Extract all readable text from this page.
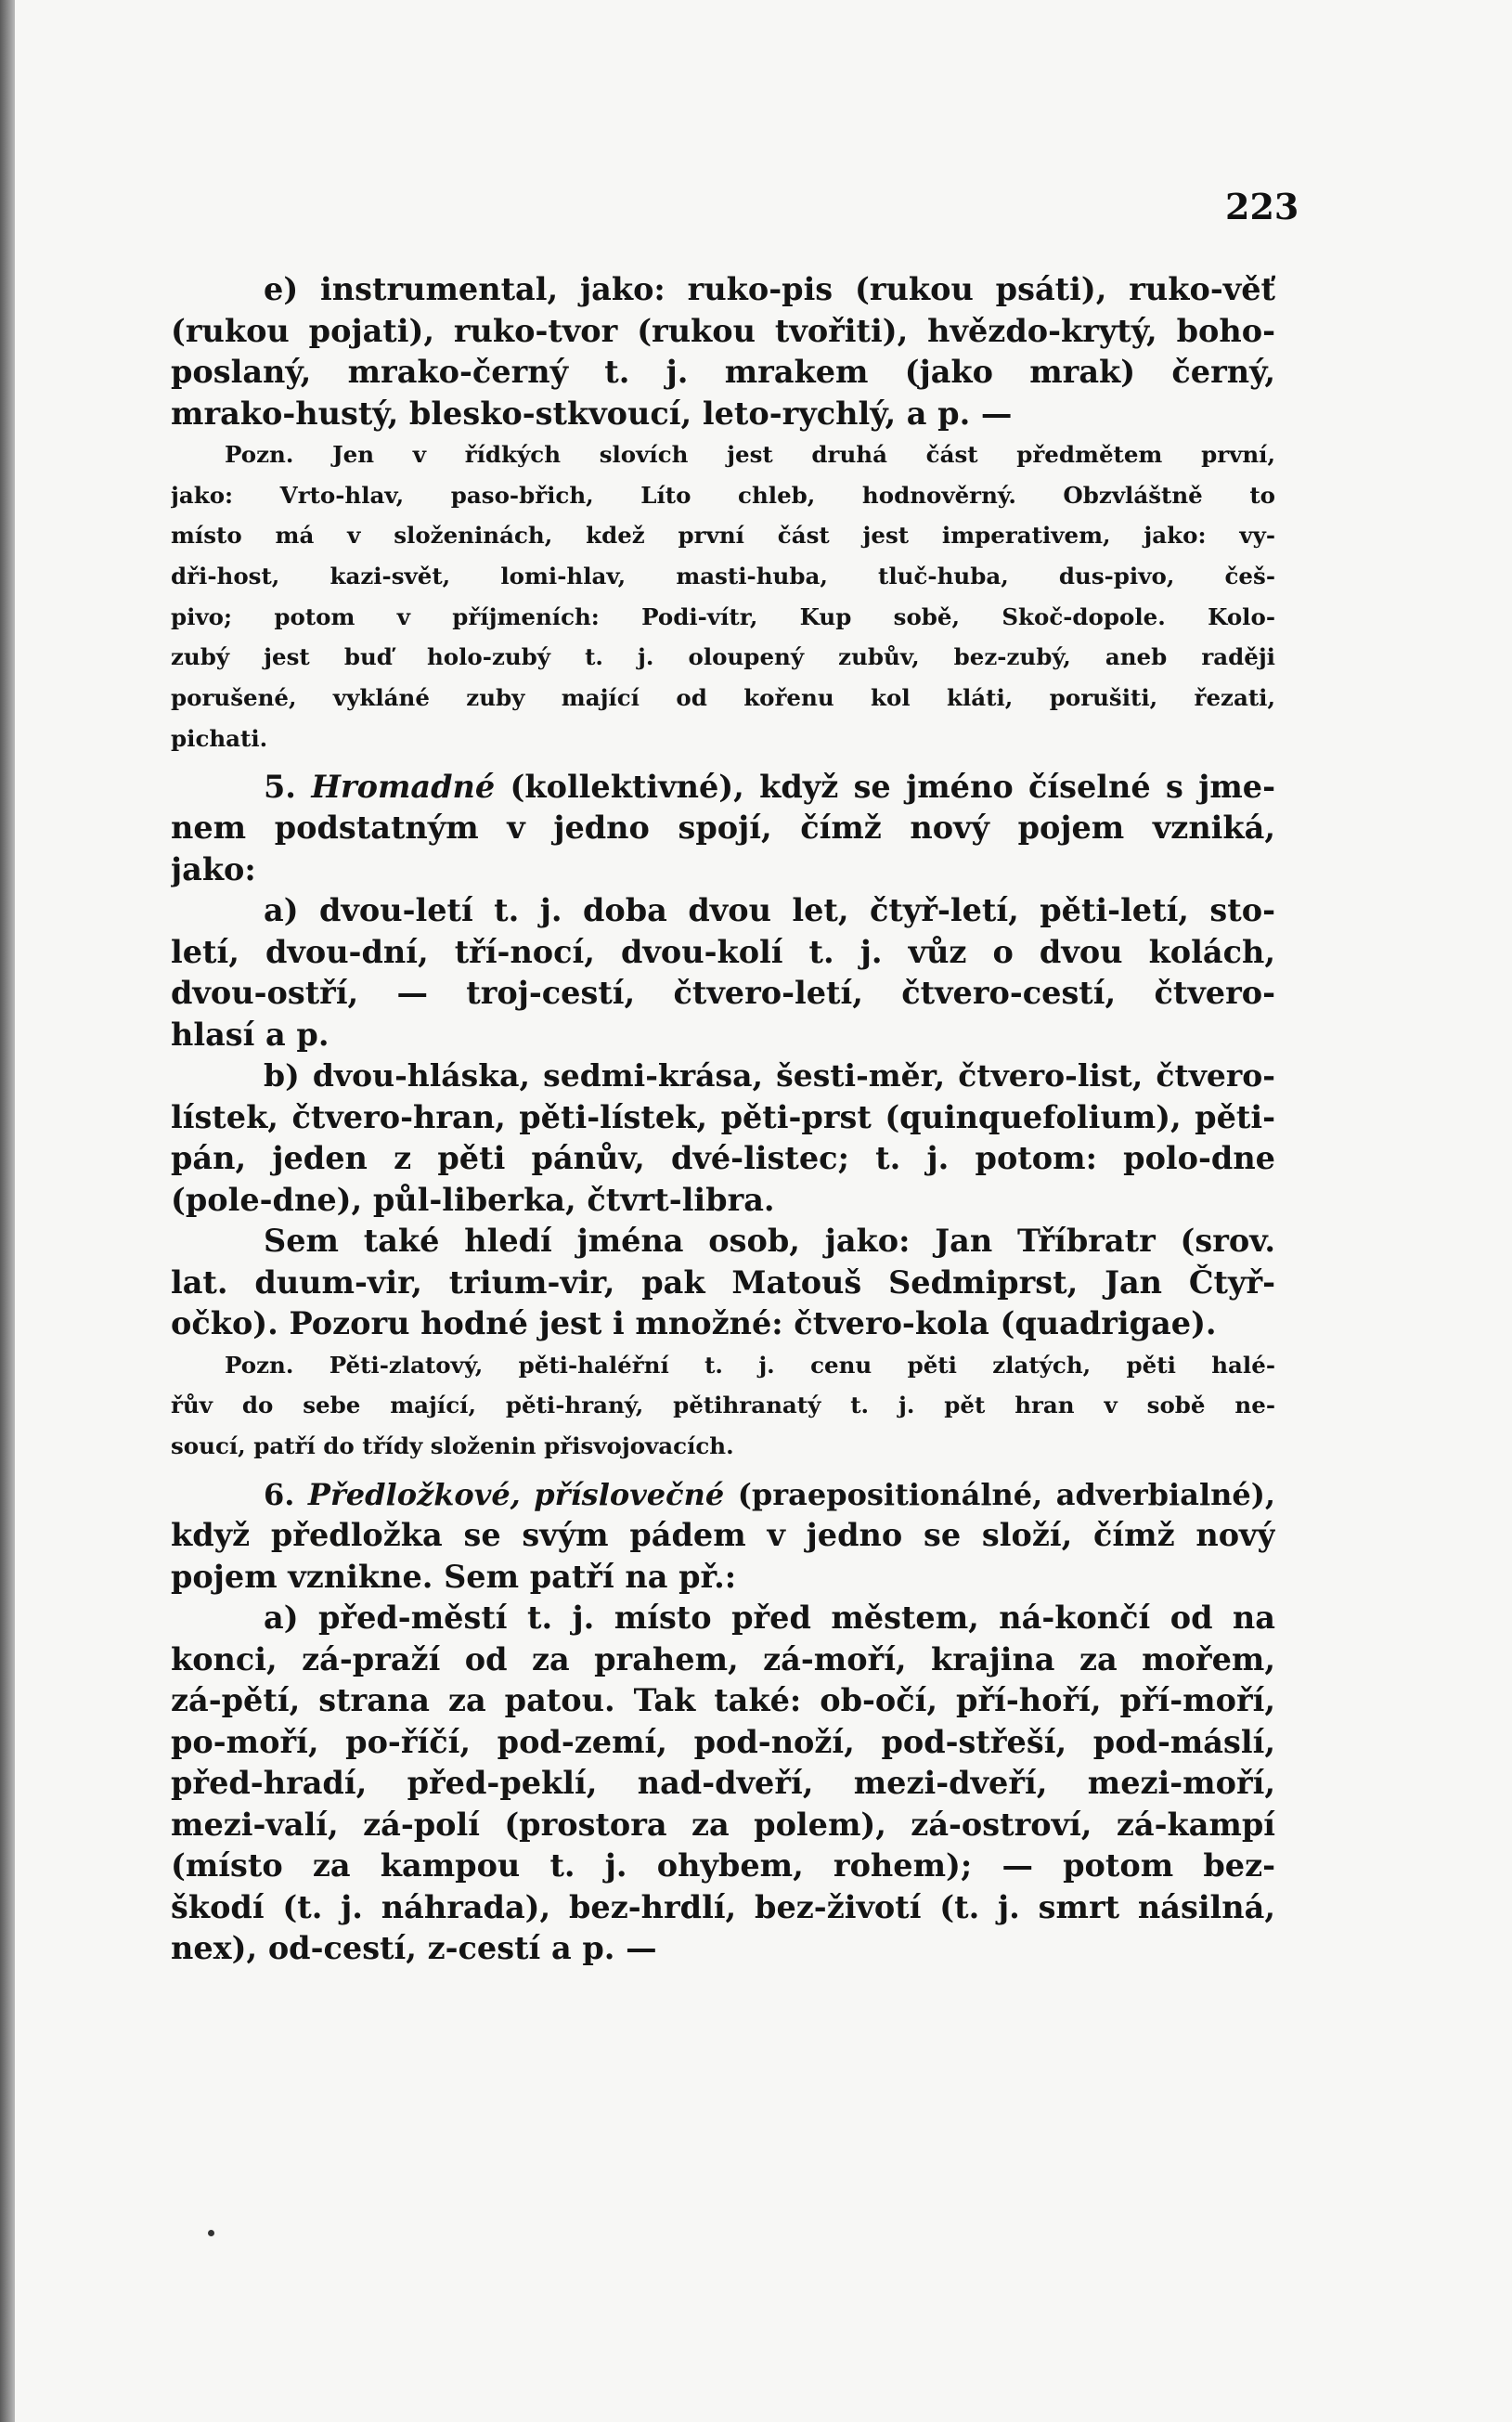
223
e) instrumental, jako: ruko-pis (rukou psáti), ruko-věť
(rukou pojati), ruko-tvor (rukou tvořiti), hvězdo-krytý, boho-
poslaný, mrako-černý t. j. mrakem (jako mrak) černý,
mrako-hustý, blesko-stkvoucí, leto-rychlý, a p. —
Pozn. Jen v řídkých slovích jest druhá část předmětem první,
jako: Vrto-hlav, paso-břich, Líto chleb, hodnověrný. Obzvláštně to
místo má v složeninách, kdež první část jest imperativem, jako: vy-
dři-host, kazi-svět, lomi-hlav, masti-huba, tluč-huba, dus-pivo, češ-
pivo; potom v příjmeních: Podi-vítr, Kup sobě, Skoč-dopole. Kolo-
zubý jest buď holo-zubý t. j. oloupený zubův, bez-zubý, aneb raději
porušené, vykláné zuby mající od kořenu kol kláti, porušiti, řezati,
pichati.
5. Hromadné (kollektivné), když se jméno číselné s jme-
nem podstatným v jedno spojí, čímž nový pojem vzniká,
jako:
a) dvou-letí t. j. doba dvou let, čtyř-letí, pěti-letí, sto-
letí, dvou-dní, tří-nocí, dvou-kolí t. j. vůz o dvou kolách,
dvou-ostří, — troj-cestí, čtvero-letí, čtvero-cestí, čtvero-
hlasí a p.
b) dvou-hláska, sedmi-krása, šesti-měr, čtvero-list, čtvero-
lístek, čtvero-hran, pěti-lístek, pěti-prst (quinquefolium), pěti-
pán, jeden z pěti pánův, dvé-listec; t. j. potom: polo-dne
(pole-dne), půl-liberka, čtvrt-libra.
Sem také hledí jména osob, jako: Jan Tříbratr (srov.
lat. duum-vir, trium-vir, pak Matouš Sedmiprst, Jan Čtyř-
očko). Pozoru hodné jest i množné: čtvero-kola (quadrigae).
Pozn. Pěti-zlatový, pěti-haléřní t. j. cenu pěti zlatých, pěti halé-
řův do sebe mající, pěti-hraný, pětihranatý t. j. pět hran v sobě ne-
soucí, patří do třídy složenin přisvojovacích.
6. Předložkové, příslovečné (praepositionálné, adverbialné),
když předložka se svým pádem v jedno se složí, čímž nový
pojem vznikne. Sem patří na př.:
a) před-městí t. j. místo před městem, ná-končí od na
konci, zá-praží od za prahem, zá-moří, krajina za mořem,
zá-pětí, strana za patou. Tak také: ob-očí, pří-hoří, pří-moří,
po-moří, po-říčí, pod-zemí, pod-noží, pod-střeší, pod-máslí,
před-hradí, před-peklí, nad-dveří, mezi-dveří, mezi-moří,
mezi-valí, zá-polí (prostora za polem), zá-ostroví, zá-kampí
(místo za kampou t. j. ohybem, rohem); — potom bez-
škodí (t. j. náhrada), bez-hrdlí, bez-životí (t. j. smrt násilná,
nex), od-cestí, z-cestí a p. —
